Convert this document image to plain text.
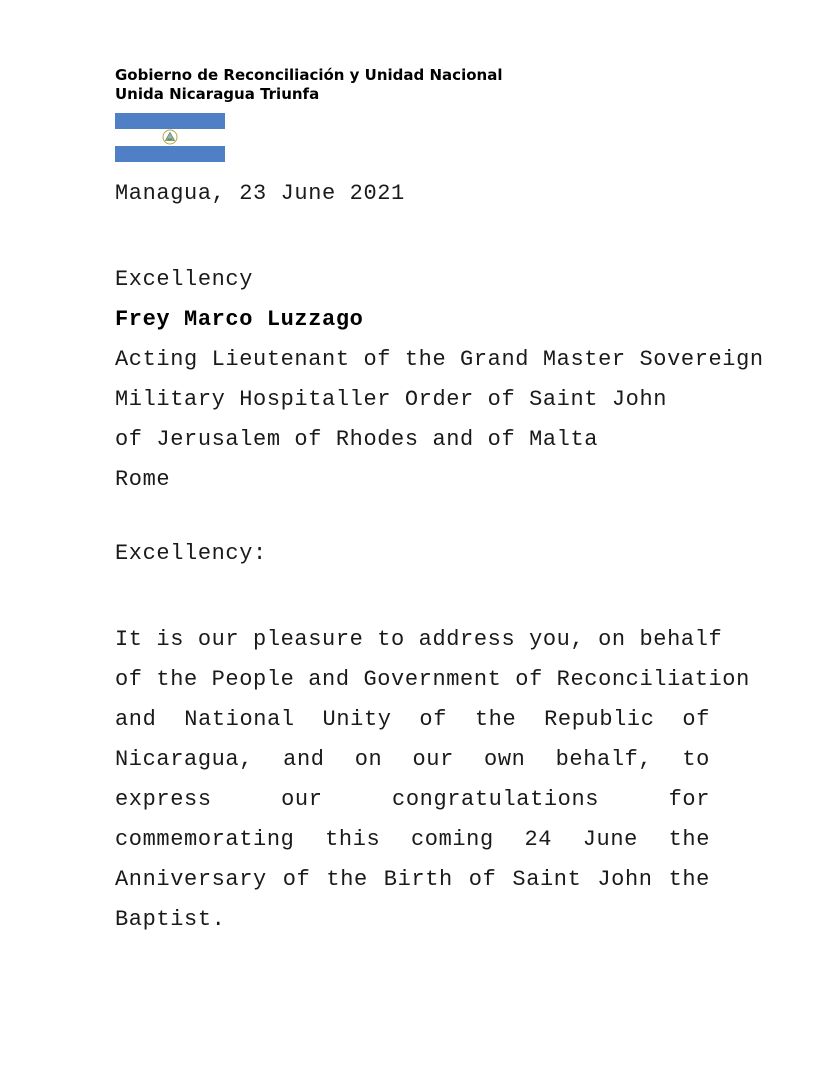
Gobierno de Reconciliación y Unidad Nacional
Unida Nicaragua Triunfa
Managua, 23 June 2021
Excellency
Frey Marco Luzzago
Acting Lieutenant of the Grand Master Sovereign
Military Hospitaller Order of Saint John
of Jerusalem of Rhodes and of Malta
Rome
Excellency:
It is our pleasure to address you, on behalf
of the People and Government of Reconciliation
and National Unity of the Republic of
Nicaragua, and on our own behalf, to
express our congratulations for
commemorating this coming 24 June the
Anniversary of the Birth of Saint John the
Baptist.
